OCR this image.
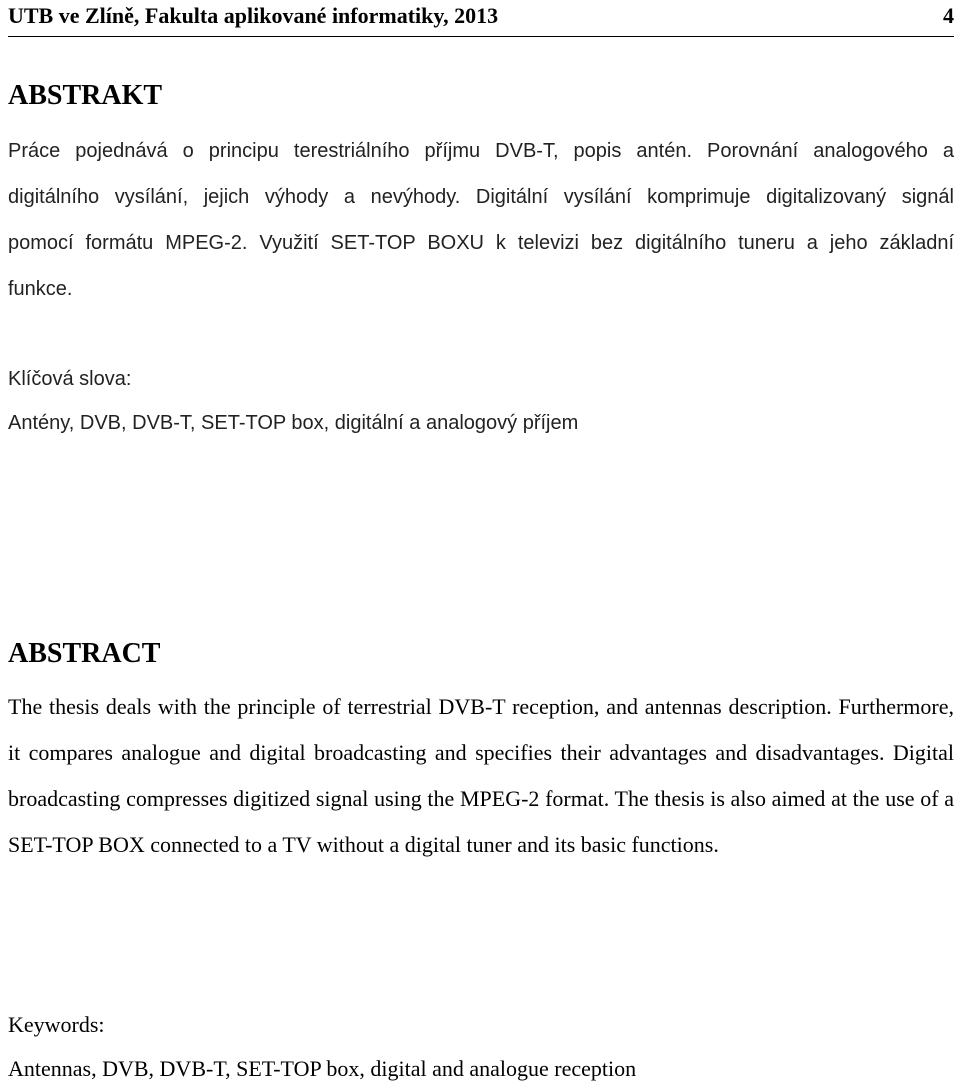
UTB ve Zlíně, Fakulta aplikované informatiky, 2013	4
ABSTRAKT

Práce pojednává o principu terestriálního příjmu DVB-T, popis antén. Porovnání analogového a digitálního vysílání, jejich výhody a nevýhody. Digitální vysílání komprimuje digitalizovaný signál pomocí formátu MPEG-2. Využití SET-TOP BOXU k televizi bez digitálního tuneru a jeho základní funkce.

Klíčová slova:
Antény, DVB, DVB-T, SET-TOP box, digitální a analogový příjem
ABSTRACT

The thesis deals with the principle of terrestrial DVB-T reception, and antennas description. Furthermore, it compares analogue and digital broadcasting and specifies their advantages and disadvantages. Digital broadcasting compresses digitized signal using the MPEG-2 format. The thesis is also aimed at the use of a SET-TOP BOX connected to a TV without a digital tuner and its basic functions.

Keywords:
Antennas, DVB, DVB-T, SET-TOP box, digital and analogue reception
